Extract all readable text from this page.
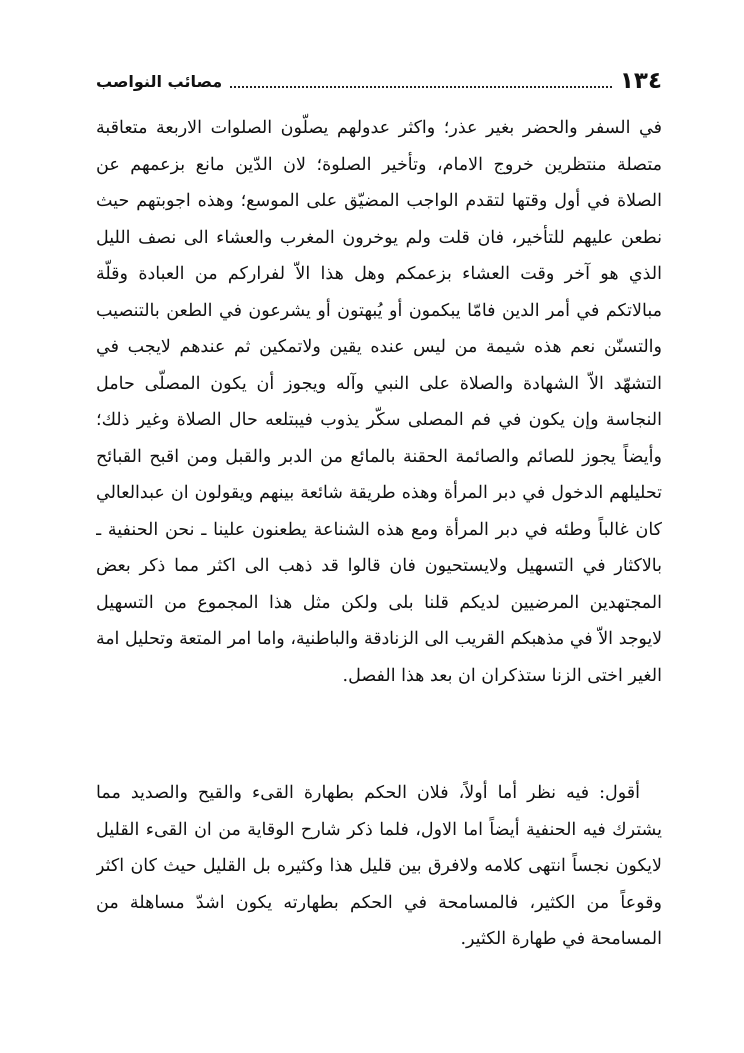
١٣٤
مصائب النواصب
في السفر والحضر بغير عذر؛ واكثر عدولهم يصلّون الصلوات الاربعة متعاقبة
متصلة منتظرين خروج الامام، وتأخير الصلوة؛ لان الدّين مانع بزعمهم عن
الصلاة في أول وقتها لتقدم الواجب المضيّق على الموسع؛ وهذه اجوبتهم حيث
نطعن عليهم للتأخير، فان قلت ولم يوخرون المغرب والعشاء الى نصف الليل
الذي هو آخر وقت العشاء بزعمكم وهل هذا الاّ لفراركم من العبادة وقلّة
مبالاتكم في أمر الدين فامّا يبكمون أو يُبهتون أو يشرعون في الطعن بالتنصيب
والتسنّن نعم هذه شيمة من ليس عنده يقين ولاتمكين ثم عندهم لايجب في
التشهّد الاّ الشهادة والصلاة على النبي وآله ويجوز أن يكون المصلّى حامل
النجاسة وإن يكون في فم المصلى سكّر يذوب فيبتلعه حال الصلاة وغير ذلك؛
وأيضاً يجوز للصائم والصائمة الحقنة بالمائع من الدبر والقبل ومن اقبح القبائح
تحليلهم الدخول في دبر المرأة وهذه طريقة شائعة بينهم ويقولون ان عبدالعالي
كان غالباً وطئه في دبر المرأة ومع هذه الشناعة يطعنون علينا ـ نحن الحنفية ـ
بالاكثار في التسهيل ولايستحيون فان قالوا قد ذهب الى اكثر مما ذكر بعض
المجتهدين المرضيين لديكم قلنا بلى ولكن مثل هذا المجموع من التسهيل
لايوجد الاّ في مذهبكم القريب الى الزنادقة والباطنية، واما امر المتعة وتحليل امة
الغير اختى الزنا ستذكران ان بعد هذا الفصل.
أقول: فيه نظر أما أولاً، فلان الحكم بطهارة القىء والقيح والصديد مما
يشترك فيه الحنفية أيضاً اما الاول، فلما ذكر شارح الوقاية من ان القىء القليل
لايكون نجساً انتهى كلامه ولافرق بين قليل هذا وكثيره بل القليل حيث كان اكثر
وقوعاً من الكثير، فالمسامحة في الحكم بطهارته يكون اشدّ مساهلة من
المسامحة في طهارة الكثير.
